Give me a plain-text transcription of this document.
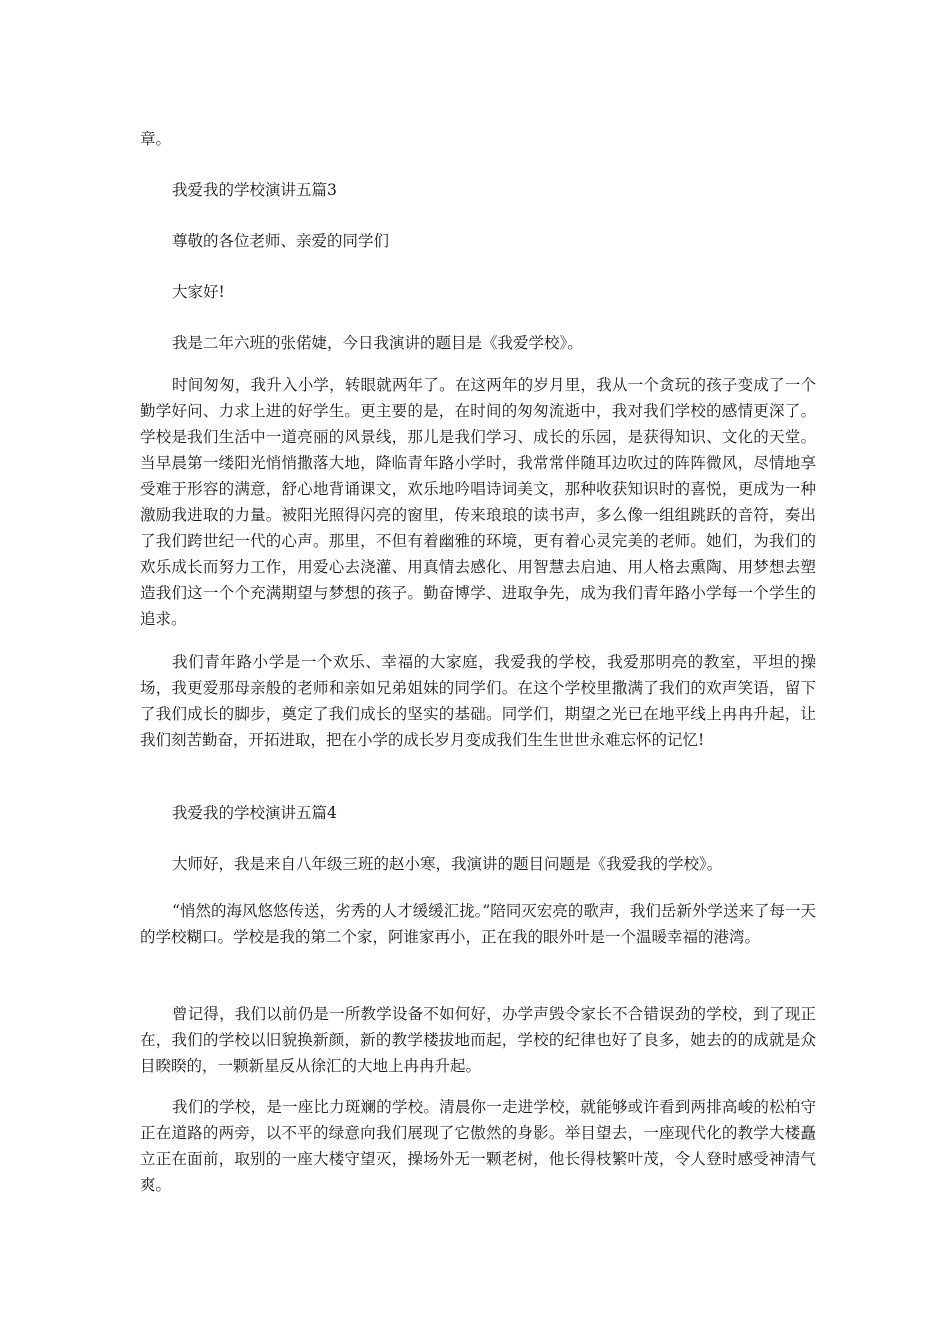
章。
我爱我的学校演讲五篇3
尊敬的各位老师、亲爱的同学们
大家好!
我是二年六班的张偌婕，今日我演讲的题目是《我爱学校》。
时间匆匆，我升入小学，转眼就两年了。在这两年的岁月里，我从一个贪玩的孩子变成了一个勤学好问、力求上进的好学生。更主要的是，在时间的匆匆流逝中，我对我们学校的感情更深了。学校是我们生活中一道亮丽的风景线，那儿是我们学习、成长的乐园，是获得知识、文化的天堂。当早晨第一缕阳光悄悄撒落大地，降临青年路小学时，我常常伴随耳边吹过的阵阵微风，尽情地享受难于形容的满意，舒心地背诵课文，欢乐地吟唱诗词美文，那种收获知识时的喜悦，更成为一种激励我进取的力量。被阳光照得闪亮的窗里，传来琅琅的读书声，多么像一组组跳跃的音符，奏出了我们跨世纪一代的心声。那里，不但有着幽雅的环境，更有着心灵完美的老师。她们，为我们的欢乐成长而努力工作，用爱心去浇灌、用真情去感化、用智慧去启迪、用人格去熏陶、用梦想去塑造我们这一个个充满期望与梦想的孩子。勤奋博学、进取争先，成为我们青年路小学每一个学生的追求。
我们青年路小学是一个欢乐、幸福的大家庭，我爱我的学校，我爱那明亮的教室，平坦的操场，我更爱那母亲般的老师和亲如兄弟姐妹的同学们。在这个学校里撒满了我们的欢声笑语，留下了我们成长的脚步，奠定了我们成长的坚实的基础。同学们，期望之光已在地平线上冉冉升起，让我们刻苦勤奋，开拓进取，把在小学的成长岁月变成我们生生世世永难忘怀的记忆!
我爱我的学校演讲五篇4
大师好，我是来自八年级三班的赵小寒，我演讲的题目问题是《我爱我的学校》。
“悄然的海风悠悠传送，劣秀的人才缓缓汇拢。”陪同灭宏亮的歌声，我们岳新外学送来了每一天的学校糊口。学校是我的第二个家，阿谁家再小，正在我的眼外叶是一个温暖幸福的港湾。
曾记得，我们以前仍是一所教学设备不如何好，办学声毁令家长不合错误劲的学校，到了现正在，我们的学校以旧貌换新颜，新的教学楼拔地而起，学校的纪律也好了良多，她去的的成就是众目睽睽的，一颗新星反从徐汇的大地上冉冉升起。
我们的学校，是一座比力斑斓的学校。清晨你一走进学校，就能够或许看到两排高峻的松柏守正在道路的两旁，以不平的绿意向我们展现了它傲然的身影。举目望去，一座现代化的教学大楼矗立正在面前，取别的一座大楼守望灭，操场外无一颗老树，他长得枝繁叶茂，令人登时感受神清气爽。
